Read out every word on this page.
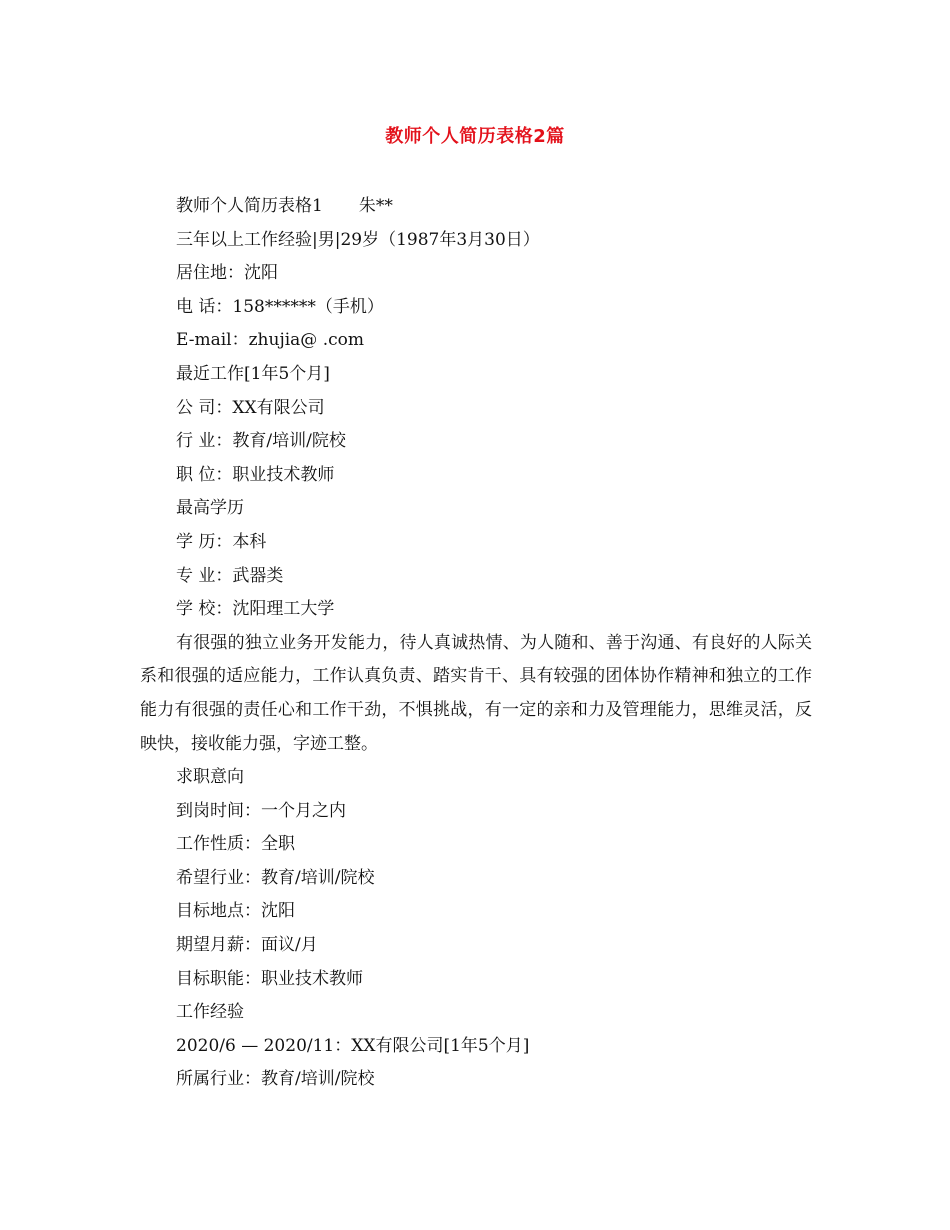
教师个人简历表格2篇
教师个人简历表格1 朱**
三年以上工作经验|男|29岁（1987年3月30日）
居住地：沈阳
电 话：158******（手机）
E-mail：zhujia@ .com
最近工作[1年5个月]
公 司：XX有限公司
行 业：教育/培训/院校
职 位：职业技术教师
最高学历
学 历：本科
专 业：武器类
学 校：沈阳理工大学
有很强的独立业务开发能力，待人真诚热情、为人随和、善于沟通、有良好的人际关系和很强的适应能力，工作认真负责、踏实肯干、具有较强的团体协作精神和独立的工作能力有很强的责任心和工作干劲，不惧挑战，有一定的亲和力及管理能力，思维灵活，反映快，接收能力强，字迹工整。
求职意向
到岗时间：一个月之内
工作性质：全职
希望行业：教育/培训/院校
目标地点：沈阳
期望月薪：面议/月
目标职能：职业技术教师
工作经验
2020/6 — 2020/11：XX有限公司[1年5个月]
所属行业：教育/培训/院校
